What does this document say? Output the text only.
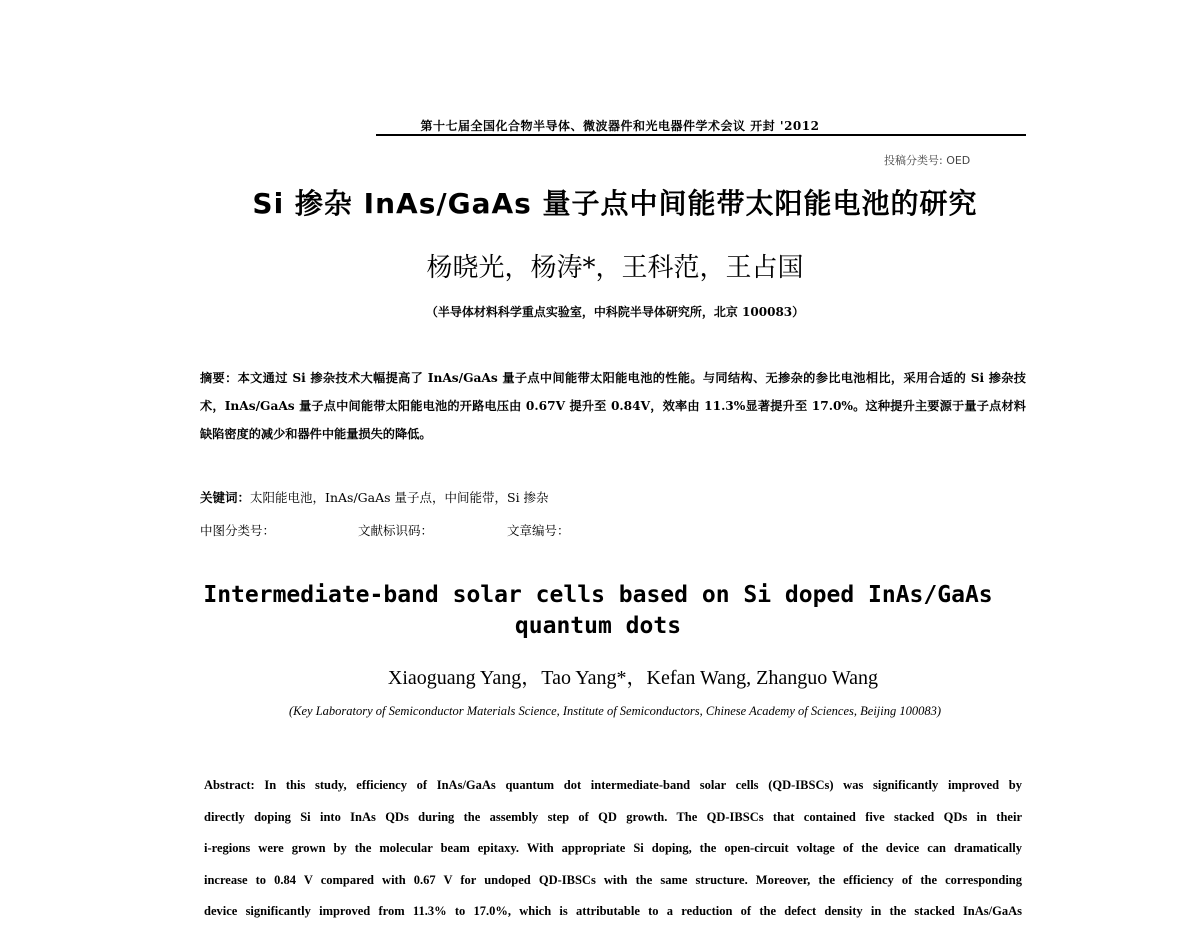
第十七届全国化合物半导体、微波器件和光电器件学术会议 开封 '2012
投稿分类号: OED
Si 掺杂 InAs/GaAs 量子点中间能带太阳能电池的研究
杨晓光，杨涛*，王科范，王占国
（半导体材料科学重点实验室，中科院半导体研究所，北京 100083）
摘要：本文通过 Si 掺杂技术大幅提高了 InAs/GaAs 量子点中间能带太阳能电池的性能。与同结构、无掺杂的参比电池相比，采用合适的 Si 掺杂技术，InAs/GaAs 量子点中间能带太阳能电池的开路电压由 0.67V 提升至 0.84V，效率由 11.3%显著提升至 17.0%。这种提升主要源于量子点材料缺陷密度的减少和器件中能量损失的降低。
关键词：太阳能电池，InAs/GaAs 量子点，中间能带，Si 掺杂
中图分类号：	文献标识码：	文章编号：
Intermediate-band solar cells based on Si doped InAs/GaAs quantum dots
Xiaoguang Yang，Tao Yang*，Kefan Wang, Zhanguo Wang
(Key Laboratory of Semiconductor Materials Science, Institute of Semiconductors, Chinese Academy of Sciences, Beijing 100083)
Abstract: In this study, efficiency of InAs/GaAs quantum dot intermediate-band solar cells (QD-IBSCs) was significantly improved by
directly doping Si into InAs QDs during the assembly step of QD growth. The QD-IBSCs that contained five stacked QDs in their
i-regions were grown by the molecular beam epitaxy. With appropriate Si doping, the open-circuit voltage of the device can dramatically
increase to 0.84 V compared with 0.67 V for undoped QD-IBSCs with the same structure. Moreover, the efficiency of the corresponding
device significantly improved from 11.3% to 17.0%, which is attributable to a reduction of the defect density in the stacked InAs/GaAs
